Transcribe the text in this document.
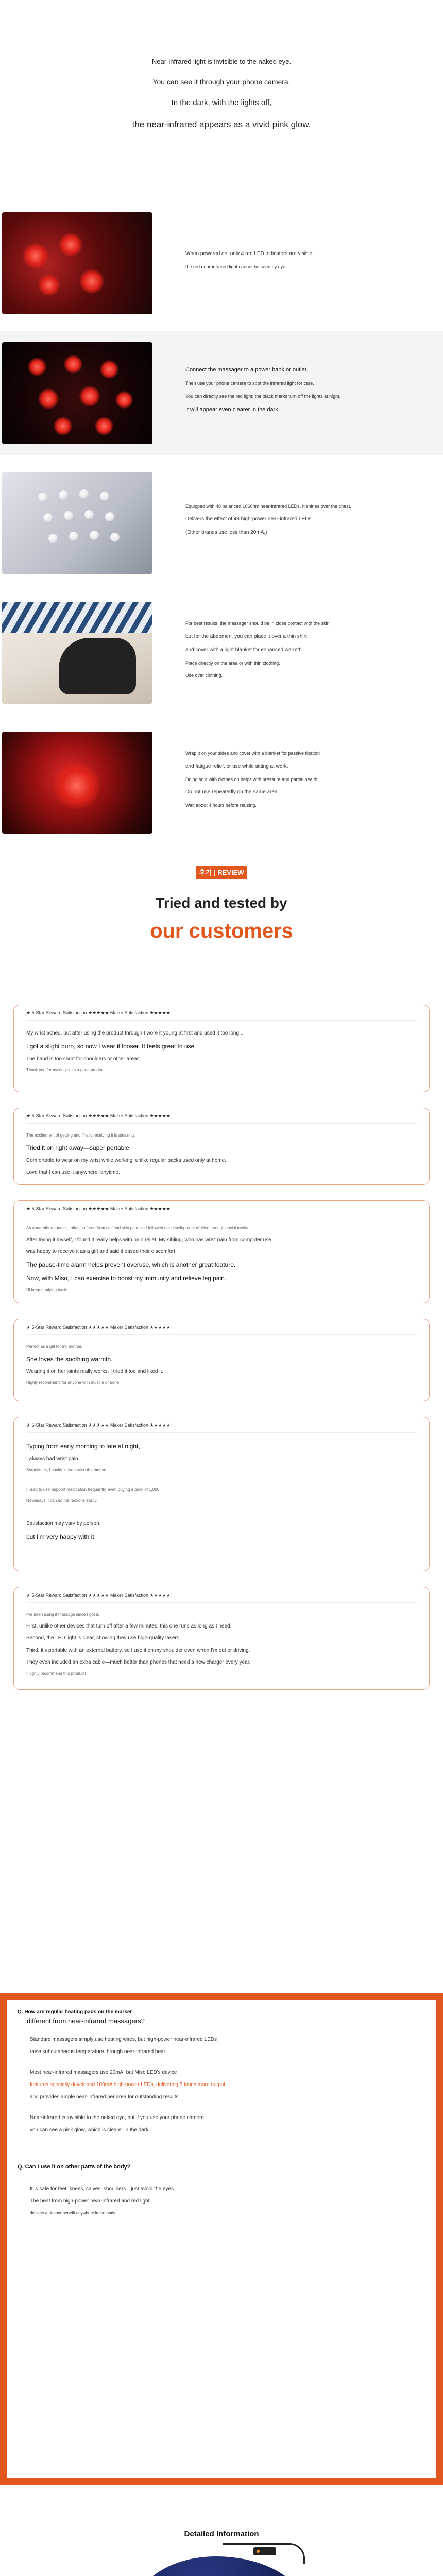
Near-infrared light is invisible to the naked eye.

You can see it through your phone camera.

In the dark, with the lights off,

the near-infrared appears as a vivid pink glow.

When powered on, only 4 red LED indicators are visible,

the red near-infrared light cannot be seen by eye.

Connect the massager to a power bank or outlet.

Then use your phone camera to spot the infrared light for care.

You can directly see the red light; the black marks turn off the lights at night.

It will appear even clearer in the dark.

Equipped with 48 balanced 1060nm near-infrared LEDs. It shines over the chest.

Delivers the effect of 48 high-power near-infrared LEDs

(Other brands use less than 20mA.)

For best results, the massager should be in close contact with the skin

but for the abdomen, you can place it over a thin shirt

and cover with a light blanket for enhanced warmth.

Place directly on the area or with thin clothing.

Use over clothing.

Wrap it on your sides and cover with a blanket for passive fixation

and fatigue relief, or use while sitting at work.

Doing so it with clothes on helps with pressure and partial health.

Do not use repeatedly on the same area.

Wait about 4 hours before reusing.

후기 | REVIEW
Tried and tested by
our customers
★ 5-Star Reward Satisfaction ★★★★★ Maker Satisfaction ★★★★★

My wrist ached, but after using the product through I wore it young at first and used it too long...

I got a slight burn, so now I wear it looser. It feels great to use.

The band is too short for shoulders or other areas.

Thank you for making such a good product.

★ 5-Star Reward Satisfaction ★★★★★ Maker Satisfaction ★★★★★

The excitement of getting and finally receiving it is amazing.

Tried it on right away—super portable.

Comfortable to wear on my wrist while working, unlike regular packs used only at home.

Love that I can use it anywhere, anytime.

★ 5-Star Reward Satisfaction ★★★★★ Maker Satisfaction ★★★★★

As a marathon runner, I often suffered from calf and skin pain, so I followed the development of Miso through social media.

After trying it myself, I found it really helps with pain relief. My sibling, who has wrist pain from computer use,

was happy to receive it as a gift and said it eased their discomfort.

The pause-time alarm helps prevent overuse, which is another great feature.

Now, with Miso, I can exercise to boost my immunity and relieve leg pain.

I'll keep applying back!

★ 5-Star Reward Satisfaction ★★★★★ Maker Satisfaction ★★★★★

Perfect as a gift for my mother.

She loves the soothing warmth.

Wearing it on her joints really works. I tried it too and liked it.

Highly recommend for anyone with muscle or bone.

★ 5-Star Reward Satisfaction ★★★★★ Maker Satisfaction ★★★★★

Typing from early morning to late at night,

I always had wrist pain.

Sometimes, I couldn't even raise the mouse.

I used to use Support medication frequently, even buying a pack of 1,000.

Nowadays, I can do the motions easily.

Satisfaction may vary by person,

but I'm very happy with it.

★ 5-Star Reward Satisfaction ★★★★★ Maker Satisfaction ★★★★★

I've been using it massage since I got it.

First, unlike other devices that turn off after a few minutes, this one runs as long as I need.

Second, the LED light is clear, showing they use high-quality lasers.

Third, it's portable with an external battery, so I use it on my shoulder even when I'm out or driving.

They even included an extra cable—much better than phones that need a new charger every year.

I highly recommend this product!

Q. How are regular heating pads on the market

different from near-infrared massagers?

Standard massagers simply use heating wires, but high-power near-infrared LEDs

raise subcutaneous temperature through near-infrared heat.

Most near-infrared massagers use 20mA, but Miso LED's device

features specially developed 100mA high-power LEDs, delivering 5 times more output

and provides ample near-infrared per area for outstanding results.

Near-infrared is invisible to the naked eye, but if you use your phone camera,

you can see a pink glow, which is clearer in the dark.

Q. Can I use it on other parts of the body?

It is safe for feet, knees, calves, shoulders—just avoid the eyes.

The heat from high-power near-infrared and red light

delivers a deeper benefit anywhere in the body.

Detailed Information
